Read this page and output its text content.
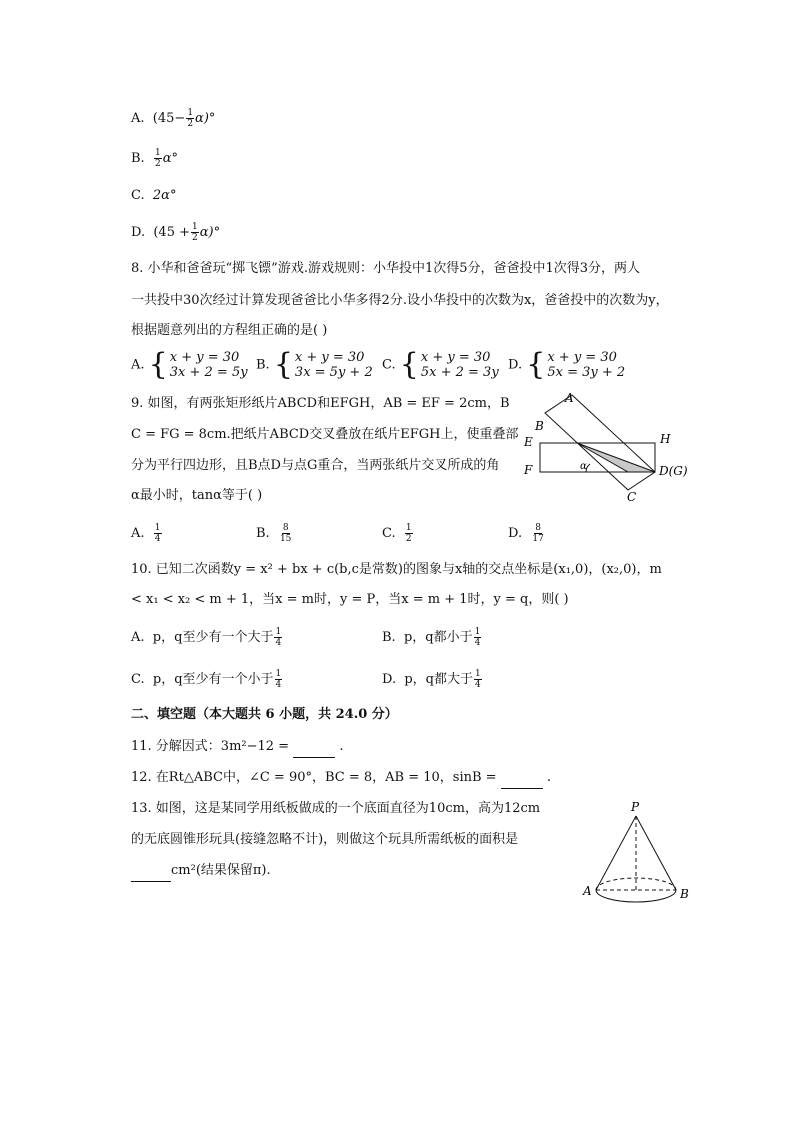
A. $(45- \frac{1}{2} \alpha)^\circ$
B. $\frac{1}{2} \alpha^\circ$
C. 2α°
D. $(45 + \frac{1}{2} \alpha)^\circ$
8. 小华和爸爸玩“掷飞镖”游戏.游戏规则：小华投中1次得5分，爸爸投中1次得3分，两人
一共投中30次经过计算发现爸爸比小华多得2分.设小华投中的次数为x，爸爸投中的次数为y，
根据题意列出的方程组正确的是( )
A. { x + y = 30
3x + 2 = 5y B. { x + y = 30
3x = 5y + 2 C. { x + y = 30
5x + 2 = 3y D. { x + y = 30
5x = 3y + 2
9. 如图，有两张矩形纸片ABCD和EFGH，AB = EF = 2cm，B
C = FG = 8cm.把纸片ABCD交叉叠放在纸片EFGH上，使重叠部
分为平行四边形，且B点D与点G重合，当两张纸片交叉所成的角
α最小时，tanα等于( )
A
B
C
D(G)
E
F
H
α
A. $\frac{1}{4}$	B. $\frac{8}{15}$	C. $\frac{1}{2}$	D. $\frac{8}{17}$
10. 已知二次函数y = x² + bx + c(b,c是常数)的图象与x轴的交点坐标是(x₁,0)，(x₂,0)，m
< x₁ < x₂ < m + 1，当x = m时，y = P，当x = m + 1时，y = q，则( )
A. p，q至少有一个大于 $\frac{1}{4}$	B. p，q都小于 $\frac{1}{4}$
C. p，q至少有一个小于 $\frac{1}{4}$	D. p，q都大于 $\frac{1}{4}$
二、填空题（本大题共 6 小题，共 24.0 分）
11. 分解因式：3m²−12 =	.
12. 在Rt△ABC中，∠C = 90°，BC = 8，AB = 10，sinB =	.
13. 如图，这是某同学用纸板做成的一个底面直径为10cm，高为12cm
的无底圆锥形玩具(接缝忽略不计)，则做这个玩具所需纸板的面积是
cm²(结果保留π).
P
A	B
